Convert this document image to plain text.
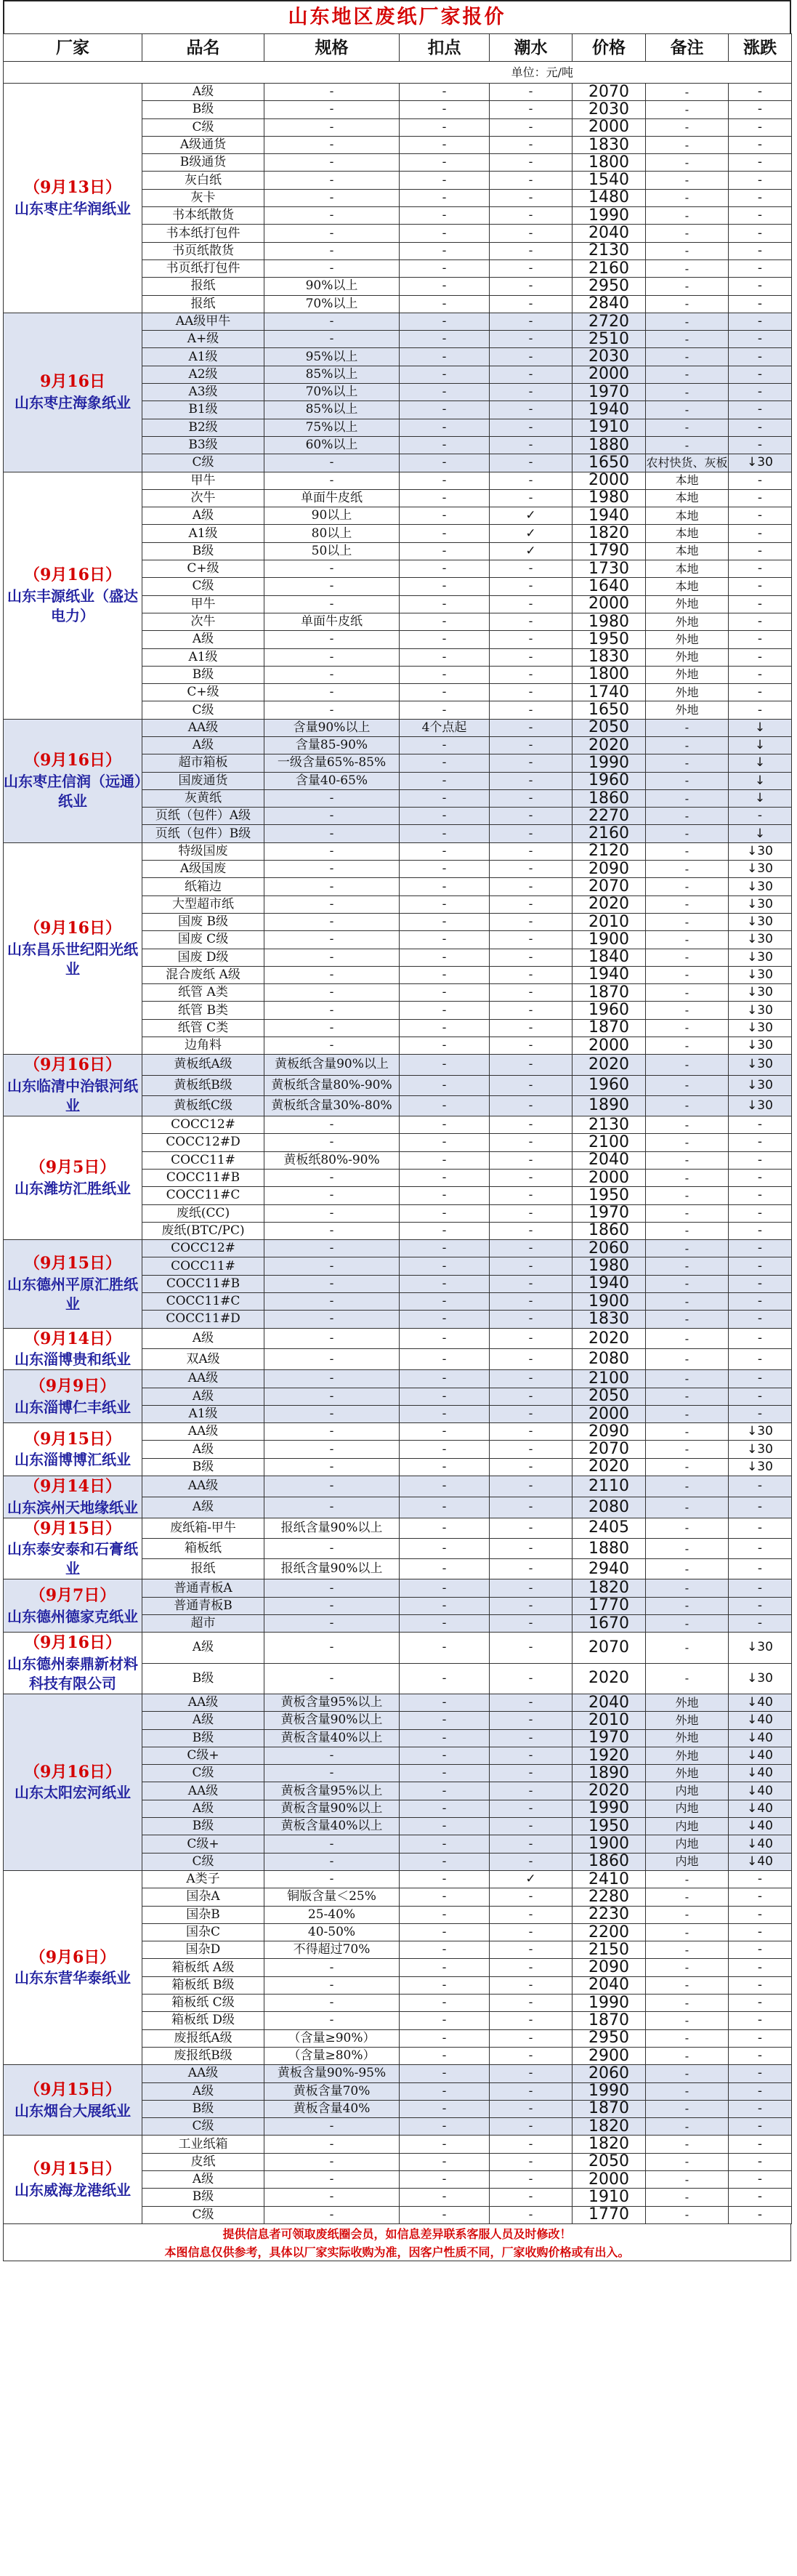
山东地区废纸厂家报价
厂家	品名	规格	扣点	潮水	价格	备注	涨跌
单位：元/吨							

（9月13日）
山东枣庄华润纸业	A级	-	-	-	2070	-	-
	B级	-	-	-	2030	-	-
	C级	-	-	-	2000	-	-
	A级通货	-	-	-	1830	-	-
	B级通货	-	-	-	1800	-	-
	灰白纸	-	-	-	1540	-	-
	灰卡	-	-	-	1480	-	-
	书本纸散货	-	-	-	1990	-	-
	书本纸打包件	-	-	-	2040	-	-
	书页纸散货	-	-	-	2130	-	-
	书页纸打包件	-	-	-	2160	-	-
	报纸	90%以上	-	-	2950	-	-
	报纸	70%以上	-	-	2840	-	-

9月16日
山东枣庄海象纸业	AA级甲牛	-	-	-	2720	-	-
	A+级	-	-	-	2510	-	-
	A1级	95%以上	-	-	2030	-	-
	A2级	85%以上	-	-	2000	-	-
	A3级	70%以上	-	-	1970	-	-
	B1级	85%以上	-	-	1940	-	-
	B2级	75%以上	-	-	1910	-	-
	B3级	60%以上	-	-	1880	-	-
	C级	-	-	-	1650	农村快货、灰板	↓30

（9月16日）
山东丰源纸业（盛达电力）	甲牛	-	-	-	2000	本地	-
	次牛	单面牛皮纸	-	-	1980	本地	-
	A级	90以上	-	✓	1940	本地	-
	A1级	80以上	-	✓	1820	本地	-
	B级	50以上	-	✓	1790	本地	-
	C+级	-	-	-	1730	本地	-
	C级	-	-	-	1640	本地	-
	甲牛	-	-	-	2000	外地	-
	次牛	单面牛皮纸	-	-	1980	外地	-
	A级	-	-	-	1950	外地	-
	A1级	-	-	-	1830	外地	-
	B级	-	-	-	1800	外地	-
	C+级	-	-	-	1740	外地	-
	C级	-	-	-	1650	外地	-

（9月16日）
山东枣庄信润（远通）纸业	AA级	含量90%以上	4个点起	-	2050	-	↓
	A级	含量85-90%	-	-	2020	-	↓
	超市箱板	一级含量65%-85%	-	-	1990	-	↓
	国废通货	含量40-65%	-	-	1960	-	↓
	灰黄纸	-	-	-	1860	-	↓
	页纸（包件）A级	-	-	-	2270	-	-
	页纸（包件）B级	-	-	-	2160	-	↓

（9月16日）
山东昌乐世纪阳光纸业	特级国废	-	-	-	2120	-	↓30
	A级国废	-	-	-	2090	-	↓30
	纸箱边	-	-	-	2070	-	↓30
	大型超市纸	-	-	-	2020	-	↓30
	国废 B级	-	-	-	2010	-	↓30
	国废 C级	-	-	-	1900	-	↓30
	国废 D级	-	-	-	1840	-	↓30
	混合废纸 A级	-	-	-	1940	-	↓30
	纸管 A类	-	-	-	1870	-	↓30
	纸管 B类	-	-	-	1960	-	↓30
	纸管 C类	-	-	-	1870	-	↓30
	边角料	-	-	-	2000	-	↓30

（9月16日）
山东临清中治银河纸业	黄板纸A级	黄板纸含量90%以上	-	-	2020	-	↓30
	黄板纸B级	黄板纸含量80%-90%	-	-	1960	-	↓30
	黄板纸C级	黄板纸含量30%-80%	-	-	1890	-	↓30

（9月5日）
山东潍坊汇胜纸业	COCC12#	-	-	-	2130	-	-
	COCC12#D	-	-	-	2100	-	-
	COCC11#	黄板纸80%-90%	-	-	2040	-	-
	COCC11#B	-	-	-	2000	-	-
	COCC11#C	-	-	-	1950	-	-
	废纸(CC)	-	-	-	1970	-	-
	废纸(BTC/PC)	-	-	-	1860	-	-

（9月15日）
山东德州平原汇胜纸业	COCC12#	-	-	-	2060	-	-
	COCC11#	-	-	-	1980	-	-
	COCC11#B	-	-	-	1940	-	-
	COCC11#C	-	-	-	1900	-	-
	COCC11#D	-	-	-	1830	-	-

（9月14日）
山东淄博贵和纸业	A级	-	-	-	2020	-	-
	双A级	-	-	-	2080	-	-

（9月9日）
山东淄博仁丰纸业	AA级	-	-	-	2100	-	-
	A级	-	-	-	2050	-	-
	A1级	-	-	-	2000	-	-

（9月15日）
山东淄博博汇纸业	AA级	-	-	-	2090	-	↓30
	A级	-	-	-	2070	-	↓30
	B级	-	-	-	2020	-	↓30

（9月14日）
山东滨州天地缘纸业	AA级	-	-	-	2110	-	-
	A级	-	-	-	2080	-	-

（9月15日）
山东泰安泰和石膏纸业	废纸箱-甲牛	报纸含量90%以上	-	-	2405	-	-
	箱板纸	-	-	-	1880	-	-
	报纸	报纸含量90%以上	-	-	2940	-	-

（9月7日）
山东德州德家克纸业	普通青板A	-	-	-	1820	-	-
	普通青板B	-	-	-	1770	-	-
	超市	-	-	-	1670	-	-

（9月16日）
山东德州泰鼎新材料科技有限公司	A级	-	-	-	2070	-	↓30
	B级	-	-	-	2020	-	↓30

（9月16日）
山东太阳宏河纸业	AA级	黄板含量95%以上	-	-	2040	外地	↓40
	A级	黄板含量90%以上	-	-	2010	外地	↓40
	B级	黄板含量40%以上	-	-	1970	外地	↓40
	C级+	-	-	-	1920	外地	↓40
	C级	-	-	-	1890	外地	↓40
	AA级	黄板含量95%以上	-	-	2020	内地	↓40
	A级	黄板含量90%以上	-	-	1990	内地	↓40
	B级	黄板含量40%以上	-	-	1950	内地	↓40
	C级+	-	-	-	1900	内地	↓40
	C级	-	-	-	1860	内地	↓40

（9月6日）
山东东营华泰纸业	A类子	-	-	✓	2410	-	-
	国杂A	铜版含量＜25%	-	-	2280	-	-
	国杂B	25-40%	-	-	2230	-	-
	国杂C	40-50%	-	-	2200	-	-
	国杂D	不得超过70%	-	-	2150	-	-
	箱板纸 A级	-	-	-	2090	-	-
	箱板纸 B级	-	-	-	2040	-	-
	箱板纸 C级	-	-	-	1990	-	-
	箱板纸 D级	-	-	-	1870	-	-
	废报纸A级	（含量≥90%）	-	-	2950	-	-
	废报纸B级	（含量≥80%）	-	-	2900	-	-

（9月15日）
山东烟台大展纸业	AA级	黄板含量90%-95%	-	-	2060	-	-
	A级	黄板含量70%	-	-	1990	-	-
	B级	黄板含量40%	-	-	1870	-	-
	C级	-	-	-	1820	-	-

（9月15日）
山东威海龙港纸业	工业纸箱	-	-	-	1820	-	-
	皮纸	-	-	-	2050	-	-
	A级	-	-	-	2000	-	-
	B级	-	-	-	1910	-	-
	C级	-	-	-	1770	-	-
提供信息者可领取废纸圈会员，如信息差异联系客服人员及时修改！
本图信息仅供参考，具体以厂家实际收购为准，因客户性质不同，厂家收购价格或有出入。
